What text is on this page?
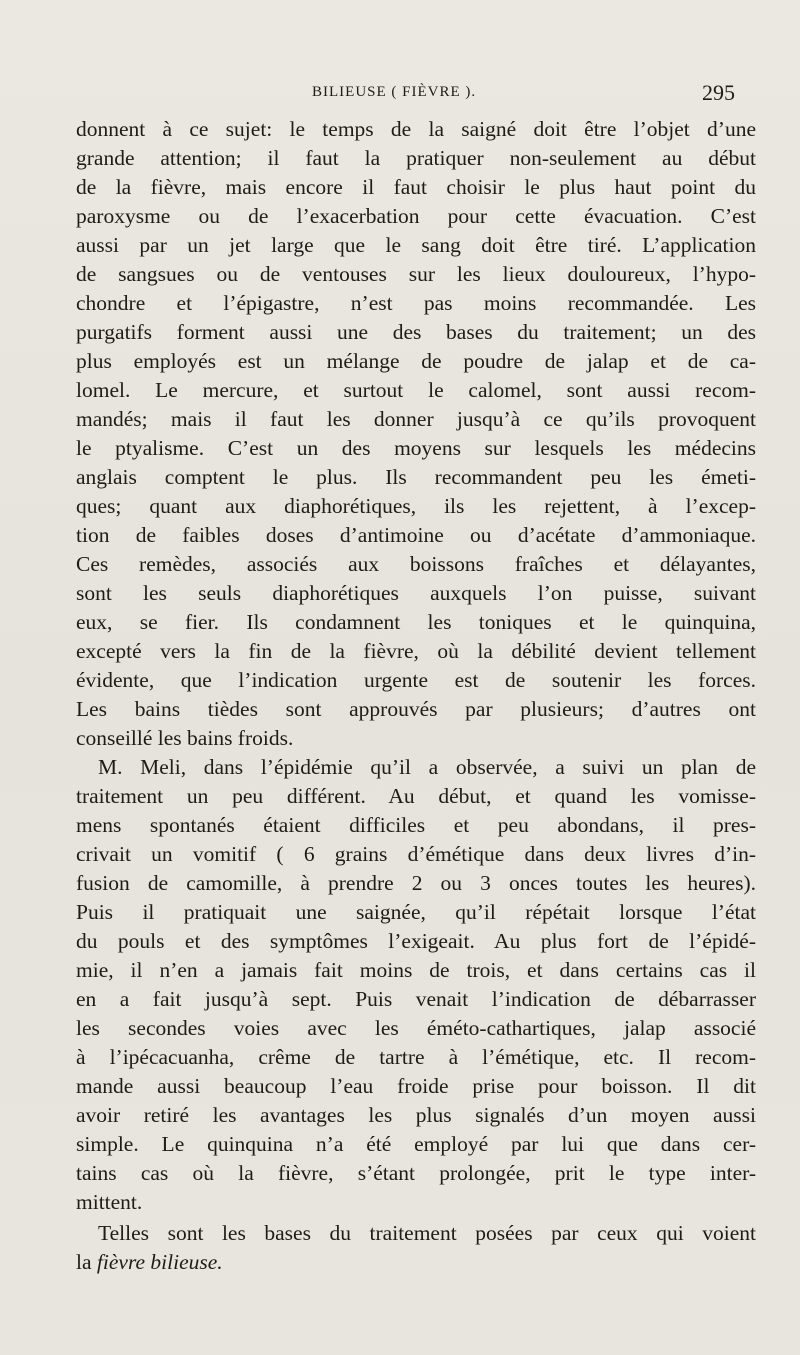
BILIEUSE ( FIÈVRE ).	295
donnent à ce sujet: le temps de la saigné doit être l’objet d’une
grande attention; il faut la pratiquer non-seulement au début
de la fièvre, mais encore il faut choisir le plus haut point du
paroxysme ou de l’exacerbation pour cette évacuation. C’est
aussi par un jet large que le sang doit être tiré. L’application
de sangsues ou de ventouses sur les lieux douloureux, l’hypo-
chondre et l’épigastre, n’est pas moins recommandée. Les
purgatifs forment aussi une des bases du traitement; un des
plus employés est un mélange de poudre de jalap et de ca-
lomel. Le mercure, et surtout le calomel, sont aussi recom-
mandés; mais il faut les donner jusqu’à ce qu’ils provoquent
le ptyalisme. C’est un des moyens sur lesquels les médecins
anglais comptent le plus. Ils recommandent peu les émeti-
ques; quant aux diaphorétiques, ils les rejettent, à l’excep-
tion de faibles doses d’antimoine ou d’acétate d’ammoniaque.
Ces remèdes, associés aux boissons fraîches et délayantes,
sont les seuls diaphorétiques auxquels l’on puisse, suivant
eux, se fier. Ils condamnent les toniques et le quinquina,
excepté vers la fin de la fièvre, où la débilité devient tellement
évidente, que l’indication urgente est de soutenir les forces.
Les bains tièdes sont approuvés par plusieurs; d’autres ont
conseillé les bains froids.
M. Meli, dans l’épidémie qu’il a observée, a suivi un plan de
traitement un peu différent. Au début, et quand les vomisse-
mens spontanés étaient difficiles et peu abondans, il pres-
crivait un vomitif ( 6 grains d’émétique dans deux livres d’in-
fusion de camomille, à prendre 2 ou 3 onces toutes les heures).
Puis il pratiquait une saignée, qu’il répétait lorsque l’état
du pouls et des symptômes l’exigeait. Au plus fort de l’épidé-
mie, il n’en a jamais fait moins de trois, et dans certains cas il
en a fait jusqu’à sept. Puis venait l’indication de débarrasser
les secondes voies avec les éméto-cathartiques, jalap associé
à l’ipécacuanha, crême de tartre à l’émétique, etc. Il recom-
mande aussi beaucoup l’eau froide prise pour boisson. Il dit
avoir retiré les avantages les plus signalés d’un moyen aussi
simple. Le quinquina n’a été employé par lui que dans cer-
tains cas où la fièvre, s’étant prolongée, prit le type inter-
mittent.
Telles sont les bases du traitement posées par ceux qui voient
la fièvre bilieuse.
